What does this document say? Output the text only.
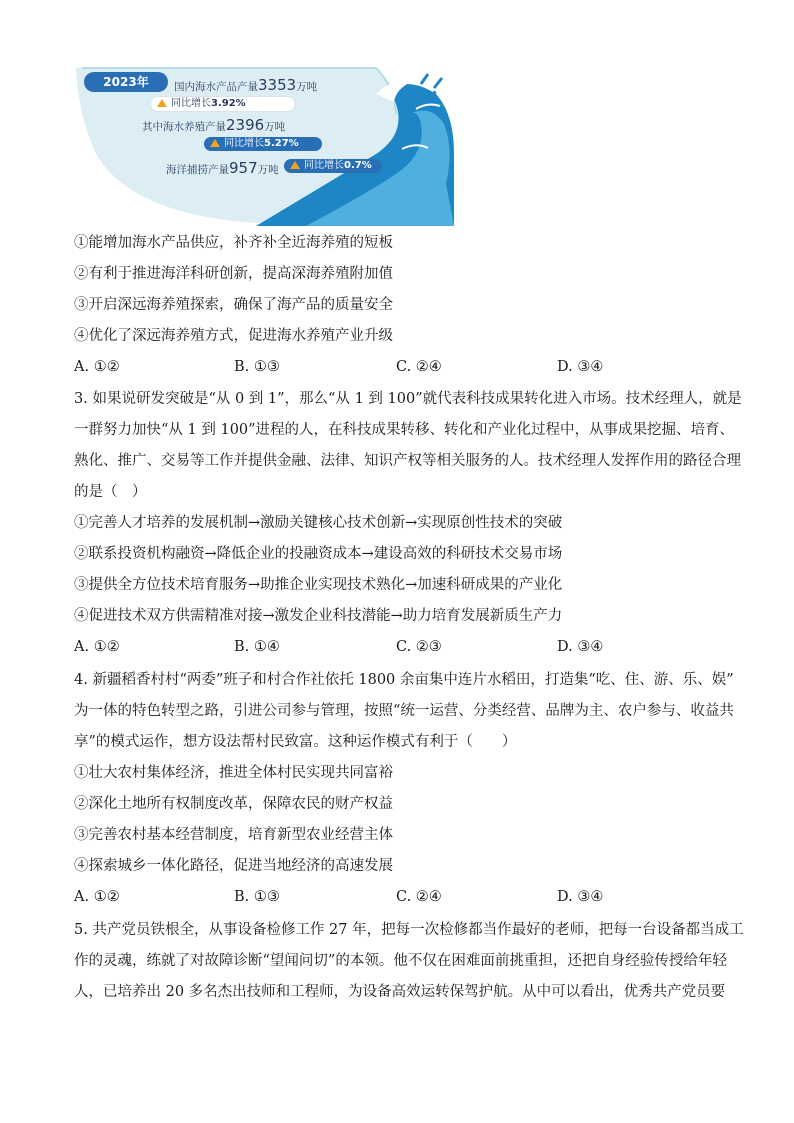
2023年	国内海水产品产量3353万吨
同比增长3.92%
其中海水养殖产量2396万吨
同比增长5.27%
海洋捕捞产量957万吨	同比增长0.7%
①能增加海水产品供应，补齐补全近海养殖的短板
②有利于推进海洋科研创新，提高深海养殖附加值
③开启深远海养殖探索，确保了海产品的质量安全
④优化了深远海养殖方式，促进海水养殖产业升级
A. ①②	B. ①③	C. ②④	D. ③④
3. 如果说研发突破是“从 0 到 1”，那么“从 1 到 100”就代表科技成果转化进入市场。技术经理人，就是
一群努力加快“从 1 到 100”进程的人，在科技成果转移、转化和产业化过程中，从事成果挖掘、培育、
熟化、推广、交易等工作并提供金融、法律、知识产权等相关服务的人。技术经理人发挥作用的路径合理
的是（　）
①完善人才培养的发展机制→激励关键核心技术创新→实现原创性技术的突破
②联系投资机构融资→降低企业的投融资成本→建设高效的科研技术交易市场
③提供全方位技术培育服务→助推企业实现技术熟化→加速科研成果的产业化
④促进技术双方供需精准对接→激发企业科技潜能→助力培育发展新质生产力
A. ①②	B. ①④	C. ②③	D. ③④
4. 新疆稻香村村“两委”班子和村合作社依托 1800 余亩集中连片水稻田，打造集“吃、住、游、乐、娱”
为一体的特色转型之路，引进公司参与管理，按照“统一运营、分类经营、品牌为主、农户参与、收益共
享”的模式运作，想方设法帮村民致富。这种运作模式有利于（　　）
①壮大农村集体经济，推进全体村民实现共同富裕
②深化土地所有权制度改革，保障农民的财产权益
③完善农村基本经营制度，培育新型农业经营主体
④探索城乡一体化路径，促进当地经济的高速发展
A. ①②	B. ①③	C. ②④	D. ③④
5. 共产党员铁根全，从事设备检修工作 27 年，把每一次检修都当作最好的老师，把每一台设备都当成工
作的灵魂，练就了对故障诊断“望闻问切”的本领。他不仅在困难面前挑重担，还把自身经验传授给年轻
人，已培养出 20 多名杰出技师和工程师，为设备高效运转保驾护航。从中可以看出，优秀共产党员要
